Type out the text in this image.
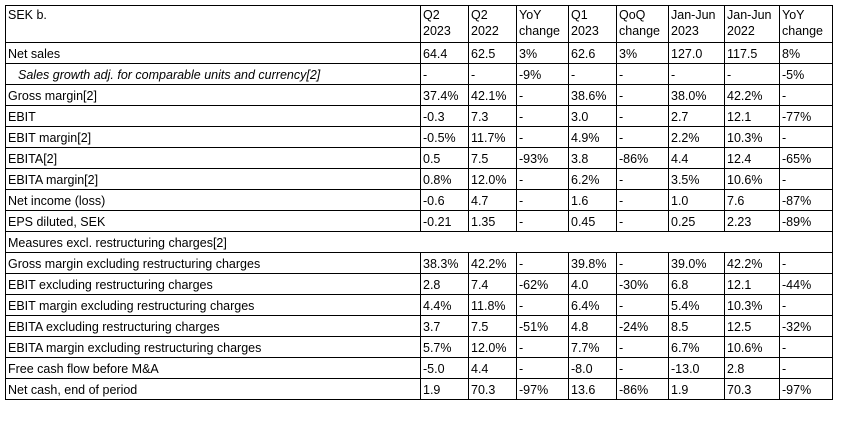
SEK b.	Q2 2023	Q2 2022	YoY change	Q1 2023	QoQ change	Jan-Jun 2023	Jan-Jun 2022	YoY change
Net sales	64.4	62.5	3%	62.6	3%	127.0	117.5	8%
Sales growth adj. for comparable units and currency[2]	-	-	-9%	-	-	-	-	-5%
Gross margin[2]	37.4%	42.1%	-	38.6%	-	38.0%	42.2%	-
EBIT	-0.3	7.3	-	3.0	-	2.7	12.1	-77%
EBIT margin[2]	-0.5%	11.7%	-	4.9%	-	2.2%	10.3%	-
EBITA[2]	0.5	7.5	-93%	3.8	-86%	4.4	12.4	-65%
EBITA margin[2]	0.8%	12.0%	-	6.2%	-	3.5%	10.6%	-
Net income (loss)	-0.6	4.7	-	1.6	-	1.0	7.6	-87%
EPS diluted, SEK	-0.21	1.35	-	0.45	-	0.25	2.23	-89%
Measures excl. restructuring charges[2]								
Gross margin excluding restructuring charges	38.3%	42.2%	-	39.8%	-	39.0%	42.2%	-
EBIT excluding restructuring charges	2.8	7.4	-62%	4.0	-30%	6.8	12.1	-44%
EBIT margin excluding restructuring charges	4.4%	11.8%	-	6.4%	-	5.4%	10.3%	-
EBITA excluding restructuring charges	3.7	7.5	-51%	4.8	-24%	8.5	12.5	-32%
EBITA margin excluding restructuring charges	5.7%	12.0%	-	7.7%	-	6.7%	10.6%	-
Free cash flow before M&A	-5.0	4.4	-	-8.0	-	-13.0	2.8	-
Net cash, end of period	1.9	70.3	-97%	13.6	-86%	1.9	70.3	-97%
